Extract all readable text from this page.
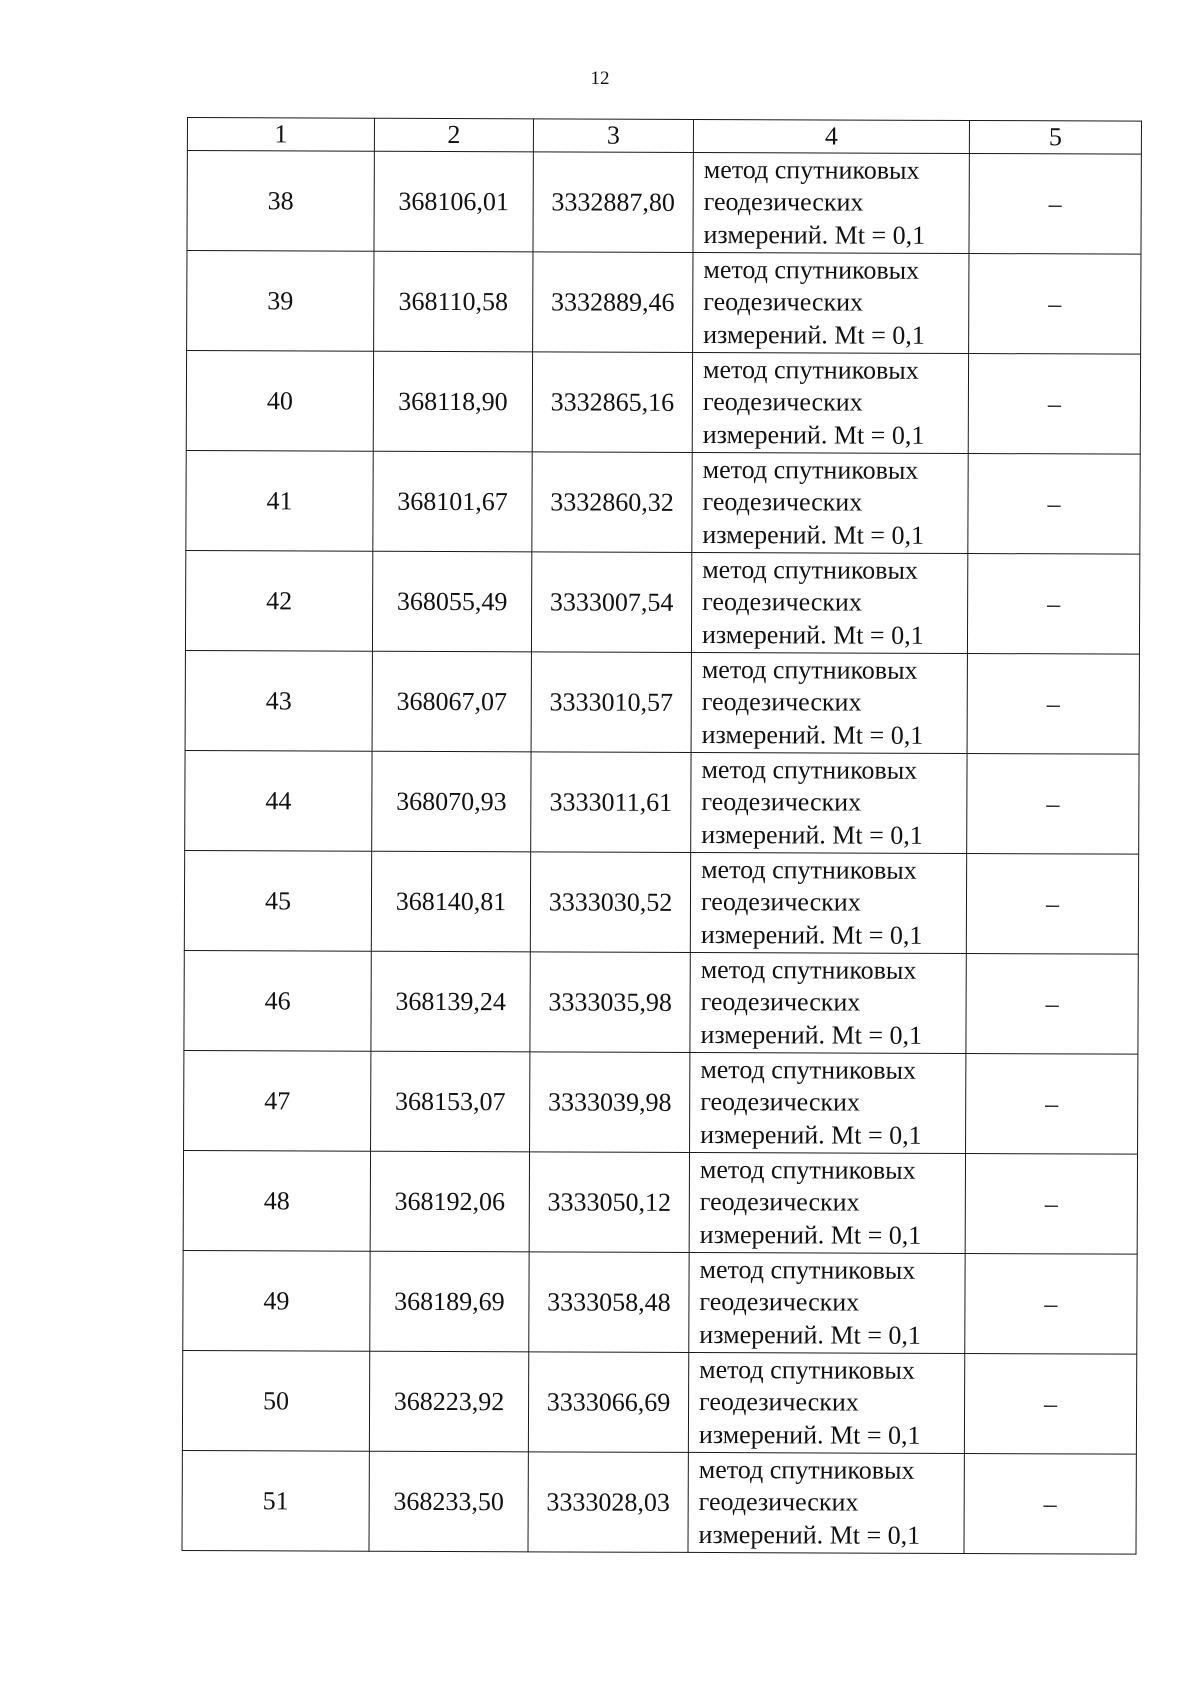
12
1	2	3	4	5
38	368106,01	3332887,80	метод спутниковых
геодезических
измерений. Mt = 0,1	–
39	368110,58	3332889,46	метод спутниковых
геодезических
измерений. Mt = 0,1	–
40	368118,90	3332865,16	метод спутниковых
геодезических
измерений. Mt = 0,1	–
41	368101,67	3332860,32	метод спутниковых
геодезических
измерений. Mt = 0,1	–
42	368055,49	3333007,54	метод спутниковых
геодезических
измерений. Mt = 0,1	–
43	368067,07	3333010,57	метод спутниковых
геодезических
измерений. Mt = 0,1	–
44	368070,93	3333011,61	метод спутниковых
геодезических
измерений. Mt = 0,1	–
45	368140,81	3333030,52	метод спутниковых
геодезических
измерений. Mt = 0,1	–
46	368139,24	3333035,98	метод спутниковых
геодезических
измерений. Mt = 0,1	–
47	368153,07	3333039,98	метод спутниковых
геодезических
измерений. Mt = 0,1	–
48	368192,06	3333050,12	метод спутниковых
геодезических
измерений. Mt = 0,1	–
49	368189,69	3333058,48	метод спутниковых
геодезических
измерений. Mt = 0,1	–
50	368223,92	3333066,69	метод спутниковых
геодезических
измерений. Mt = 0,1	–
51	368233,50	3333028,03	метод спутниковых
геодезических
измерений. Mt = 0,1	–
